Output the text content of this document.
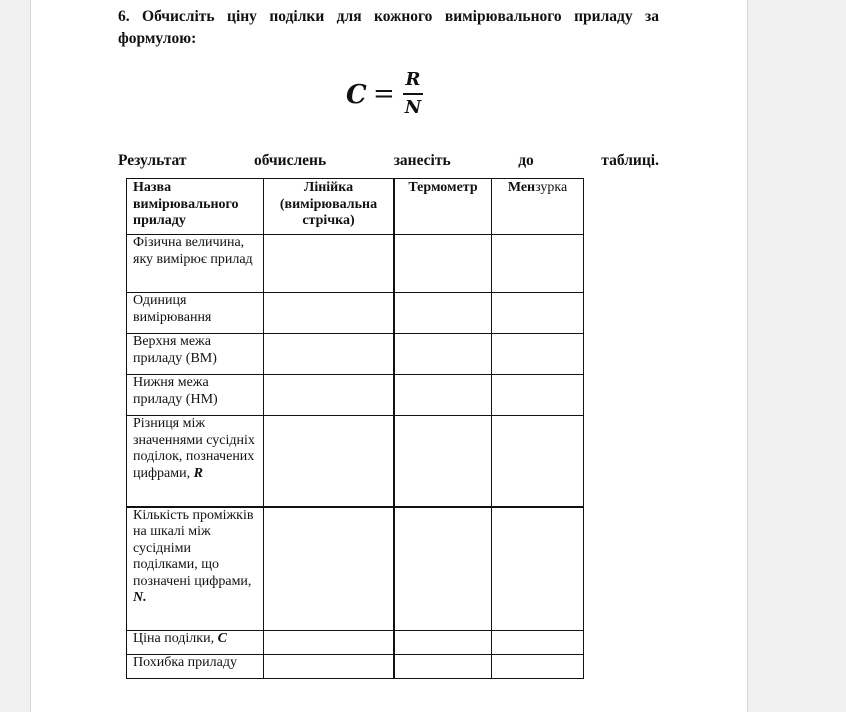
6. Обчисліть ціну поділки для кожного вимірювального приладу за формулою:

C = R
N
Результат	обчислень	занесіть	до	таблиці.
Назва вимірювального приладу	Лінійка (вимірювальна стрічка)	Термометр	Мензурка
Фізична величина, яку вимірює прилад			
Одиниця вимірювання			
Верхня межа приладу (ВМ)			
Нижня межа приладу (НМ)			
Різниця між значеннями сусідніх поділок, позначених цифрами, R			
Кількість проміжків на шкалі між сусідніми поділками, що позначені цифрами, N.			
Ціна поділки, C			
Похибка приладу			
